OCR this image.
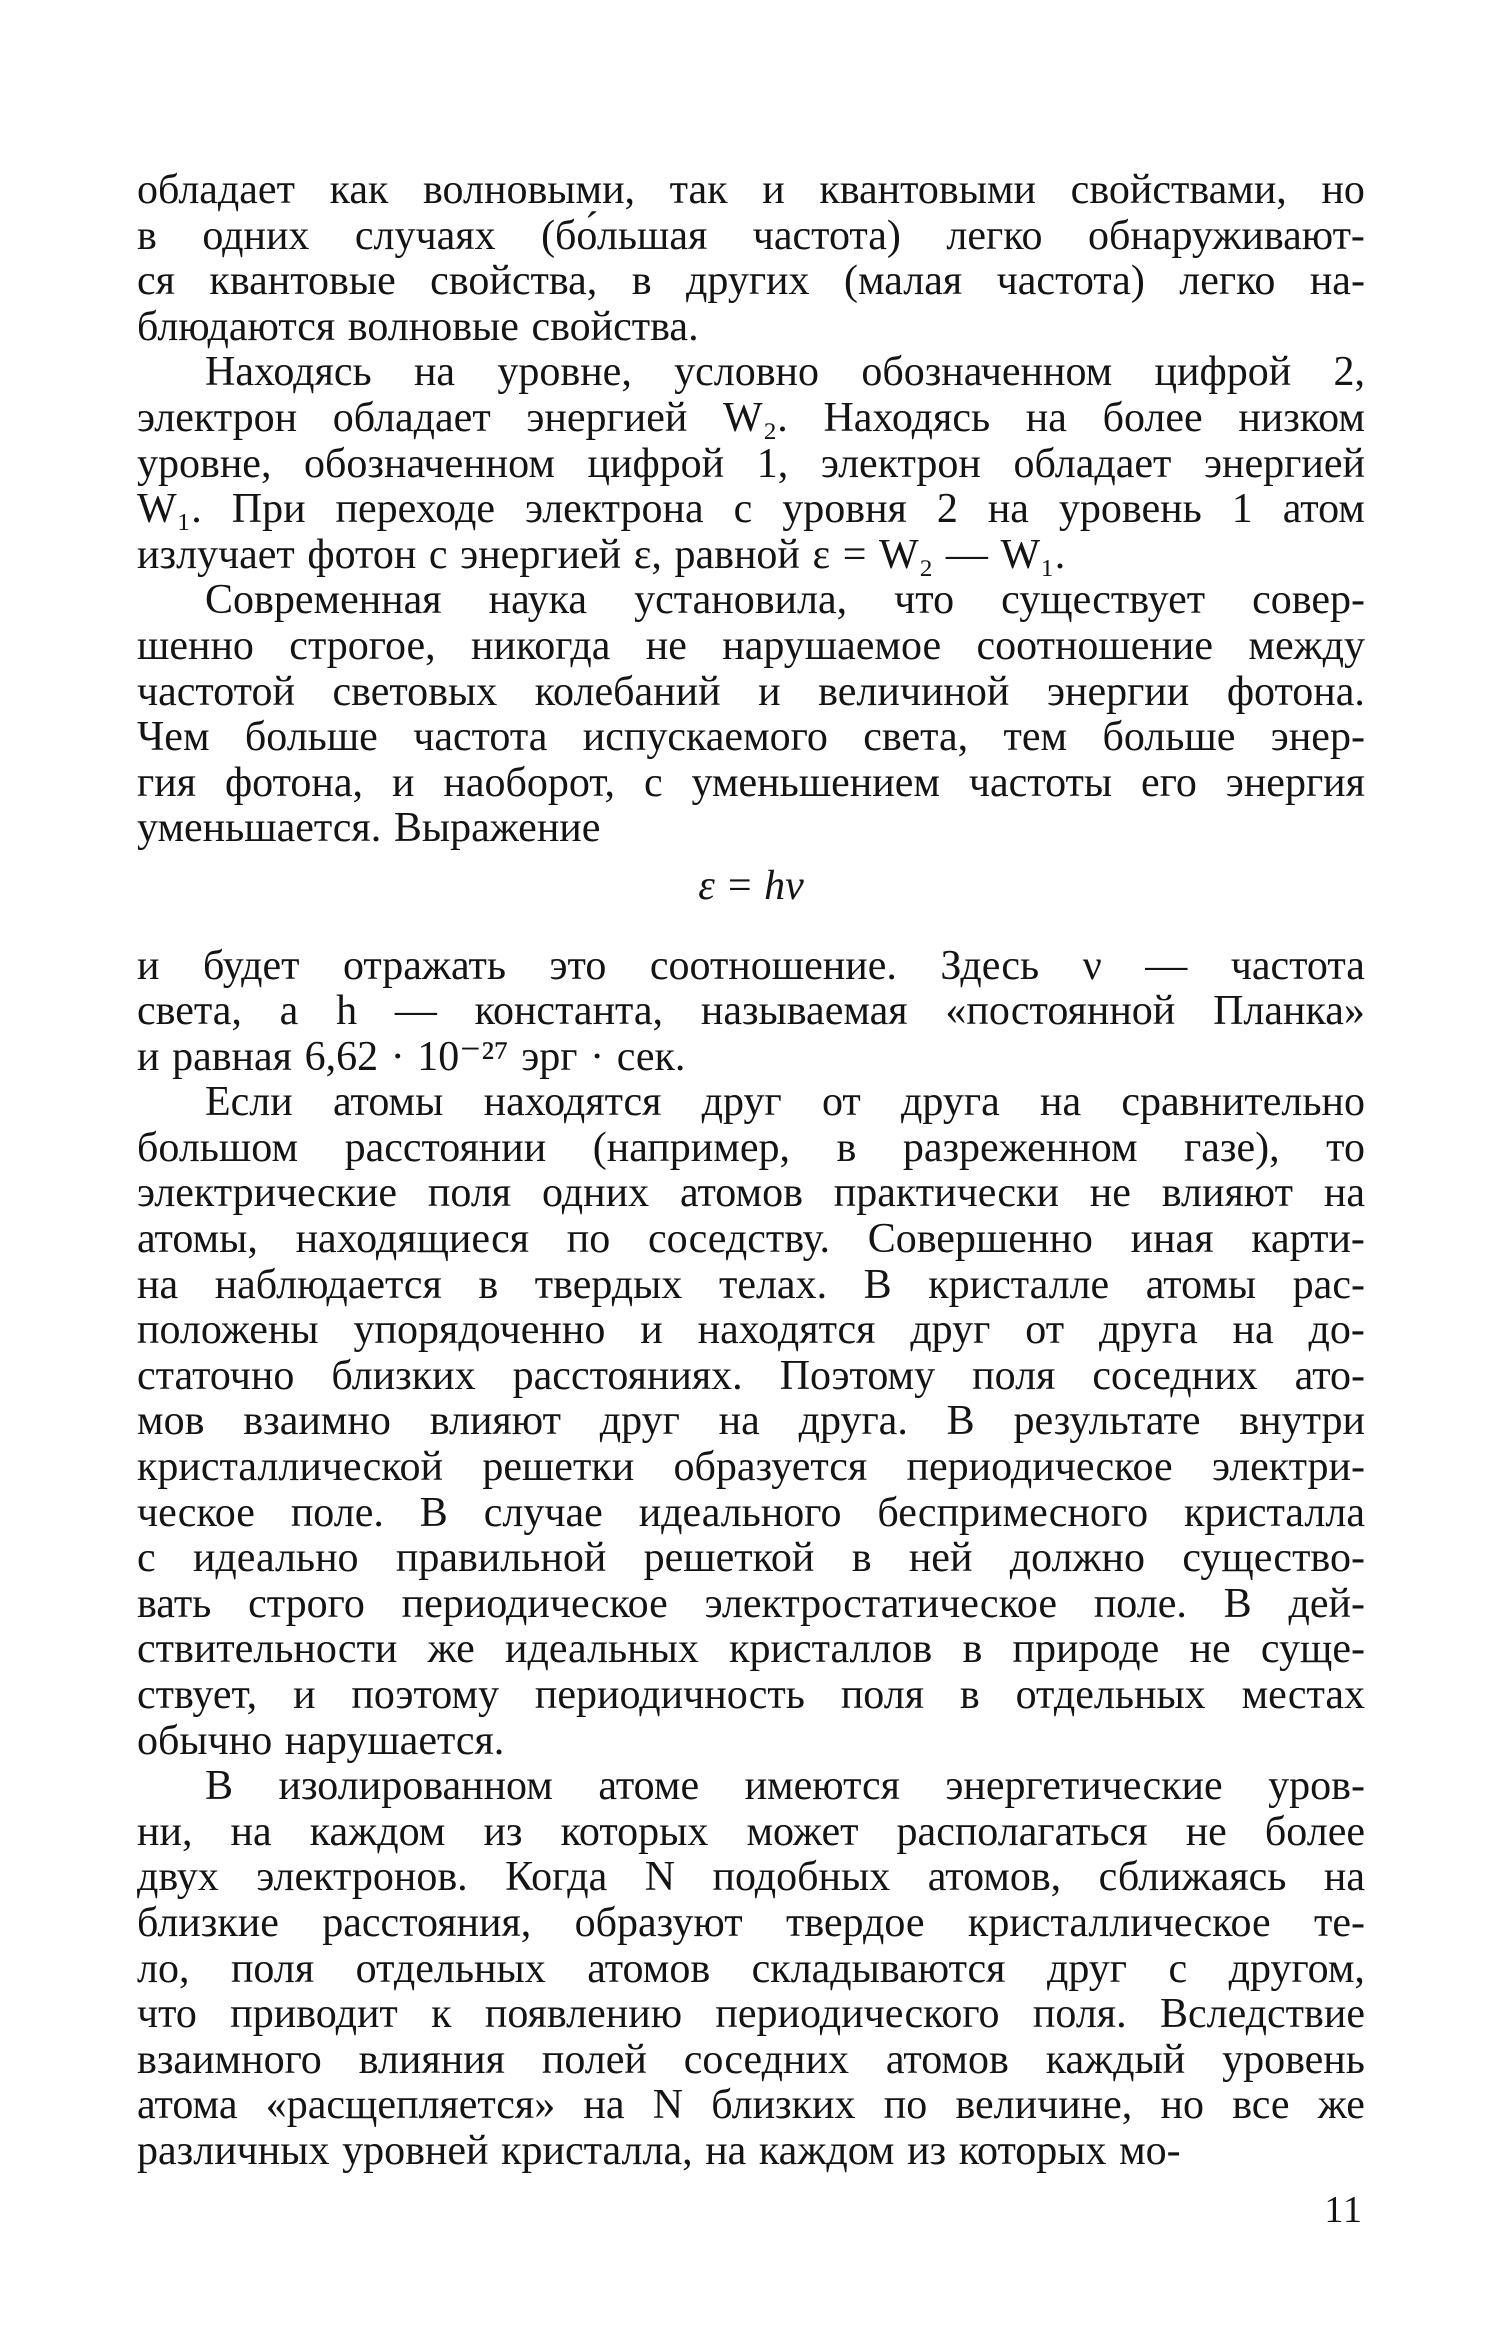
обладает как волновыми, так и квантовыми свойствами, но
в одних случаях (бо́льшая частота) легко обнаруживают-
ся квантовые свойства, в других (малая частота) легко на-
блюдаются волновые свойства.
Находясь на уровне, условно обозначенном цифрой 2,
электрон обладает энергией W₂. Находясь на более низком
уровне, обозначенном цифрой 1, электрон обладает энергией
W₁. При переходе электрона с уровня 2 на уровень 1 атом
излучает фотон с энергией ε, равной ε = W₂ — W₁.
Современная наука установила, что существует совер-
шенно строгое, никогда не нарушаемое соотношение между
частотой световых колебаний и величиной энергии фотона.
Чем больше частота испускаемого света, тем больше энер-
гия фотона, и наоборот, с уменьшением частоты его энергия
уменьшается. Выражение
ε = hν
и будет отражать это соотношение. Здесь ν — частота
света, а h — константа, называемая «постоянной Планка»
и равная 6,62 · 10⁻²⁷ эрг · сек.
Если атомы находятся друг от друга на сравнительно
большом расстоянии (например, в разреженном газе), то
электрические поля одних атомов практически не влияют на
атомы, находящиеся по соседству. Совершенно иная карти-
на наблюдается в твердых телах. В кристалле атомы рас-
положены упорядоченно и находятся друг от друга на до-
статочно близких расстояниях. Поэтому поля соседних ато-
мов взаимно влияют друг на друга. В результате внутри
кристаллической решетки образуется периодическое электри-
ческое поле. В случае идеального беспримесного кристалла
с идеально правильной решеткой в ней должно существо-
вать строго периодическое электростатическое поле. В дей-
ствительности же идеальных кристаллов в природе не суще-
ствует, и поэтому периодичность поля в отдельных местах
обычно нарушается.
В изолированном атоме имеются энергетические уров-
ни, на каждом из которых может располагаться не более
двух электронов. Когда N подобных атомов, сближаясь на
близкие расстояния, образуют твердое кристаллическое те-
ло, поля отдельных атомов складываются друг с другом,
что приводит к появлению периодического поля. Вследствие
взаимного влияния полей соседних атомов каждый уровень
атома «расщепляется» на N близких по величине, но все же
различных уровней кристалла, на каждом из которых мо-
11
